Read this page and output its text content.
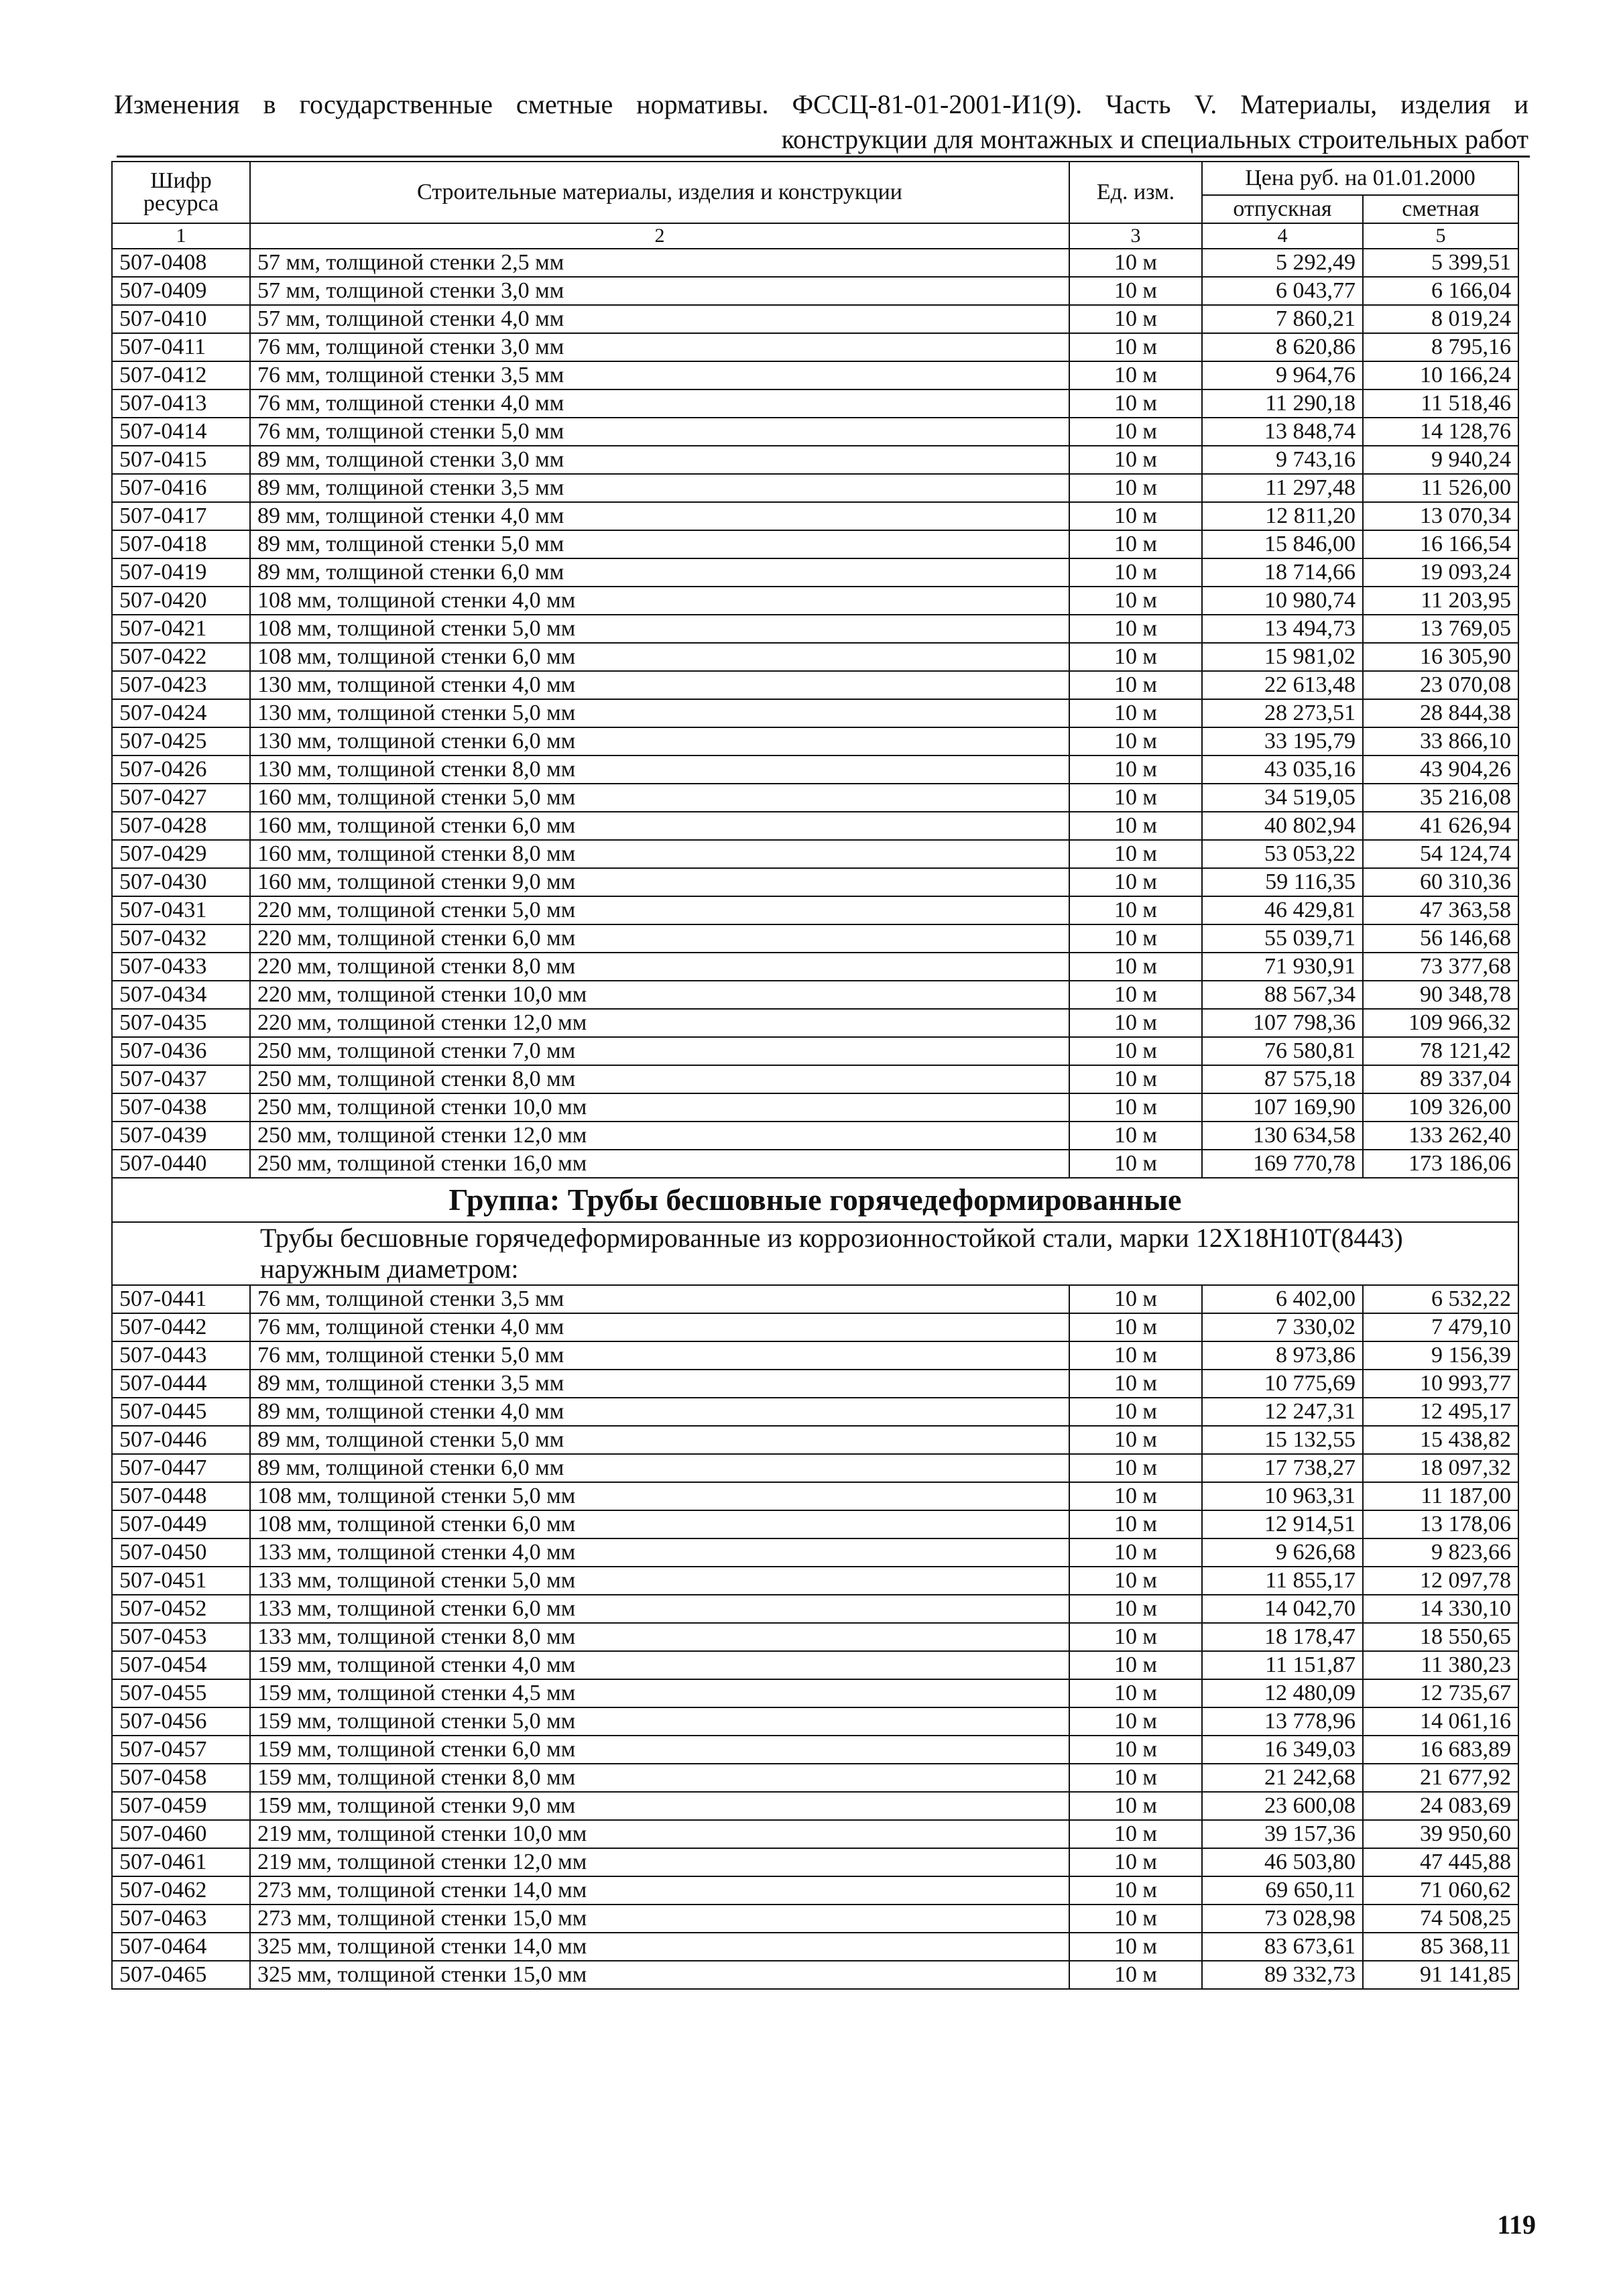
Изменения в государственные сметные нормативы. ФССЦ-81-01-2001-И1(9). Часть V. Материалы, изделия и
конструкции для монтажных и специальных строительных работ
Шифр ресурса	Строительные материалы, изделия и конструкции	Ед. изм.	Цена руб. на 01.01.2000	
			отпускная	сметная
1	2	3	4	5
507-0408	57 мм, толщиной стенки 2,5 мм	10 м	5 292,49	5 399,51
507-0409	57 мм, толщиной стенки 3,0 мм	10 м	6 043,77	6 166,04
507-0410	57 мм, толщиной стенки 4,0 мм	10 м	7 860,21	8 019,24
507-0411	76 мм, толщиной стенки 3,0 мм	10 м	8 620,86	8 795,16
507-0412	76 мм, толщиной стенки 3,5 мм	10 м	9 964,76	10 166,24
507-0413	76 мм, толщиной стенки 4,0 мм	10 м	11 290,18	11 518,46
507-0414	76 мм, толщиной стенки 5,0 мм	10 м	13 848,74	14 128,76
507-0415	89 мм, толщиной стенки 3,0 мм	10 м	9 743,16	9 940,24
507-0416	89 мм, толщиной стенки 3,5 мм	10 м	11 297,48	11 526,00
507-0417	89 мм, толщиной стенки 4,0 мм	10 м	12 811,20	13 070,34
507-0418	89 мм, толщиной стенки 5,0 мм	10 м	15 846,00	16 166,54
507-0419	89 мм, толщиной стенки 6,0 мм	10 м	18 714,66	19 093,24
507-0420	108 мм, толщиной стенки 4,0 мм	10 м	10 980,74	11 203,95
507-0421	108 мм, толщиной стенки 5,0 мм	10 м	13 494,73	13 769,05
507-0422	108 мм, толщиной стенки 6,0 мм	10 м	15 981,02	16 305,90
507-0423	130 мм, толщиной стенки 4,0 мм	10 м	22 613,48	23 070,08
507-0424	130 мм, толщиной стенки 5,0 мм	10 м	28 273,51	28 844,38
507-0425	130 мм, толщиной стенки 6,0 мм	10 м	33 195,79	33 866,10
507-0426	130 мм, толщиной стенки 8,0 мм	10 м	43 035,16	43 904,26
507-0427	160 мм, толщиной стенки 5,0 мм	10 м	34 519,05	35 216,08
507-0428	160 мм, толщиной стенки 6,0 мм	10 м	40 802,94	41 626,94
507-0429	160 мм, толщиной стенки 8,0 мм	10 м	53 053,22	54 124,74
507-0430	160 мм, толщиной стенки 9,0 мм	10 м	59 116,35	60 310,36
507-0431	220 мм, толщиной стенки 5,0 мм	10 м	46 429,81	47 363,58
507-0432	220 мм, толщиной стенки 6,0 мм	10 м	55 039,71	56 146,68
507-0433	220 мм, толщиной стенки 8,0 мм	10 м	71 930,91	73 377,68
507-0434	220 мм, толщиной стенки 10,0 мм	10 м	88 567,34	90 348,78
507-0435	220 мм, толщиной стенки 12,0 мм	10 м	107 798,36	109 966,32
507-0436	250 мм, толщиной стенки 7,0 мм	10 м	76 580,81	78 121,42
507-0437	250 мм, толщиной стенки 8,0 мм	10 м	87 575,18	89 337,04
507-0438	250 мм, толщиной стенки 10,0 мм	10 м	107 169,90	109 326,00
507-0439	250 мм, толщиной стенки 12,0 мм	10 м	130 634,58	133 262,40
507-0440	250 мм, толщиной стенки 16,0 мм	10 м	169 770,78	173 186,06
Группа: Трубы бесшовные горячедеформированные				
Трубы бесшовные горячедеформированные из коррозионностойкой стали, марки 12Х18Н10Т(8443) наружным диаметром:				
507-0441	76 мм, толщиной стенки 3,5 мм	10 м	6 402,00	6 532,22
507-0442	76 мм, толщиной стенки 4,0 мм	10 м	7 330,02	7 479,10
507-0443	76 мм, толщиной стенки 5,0 мм	10 м	8 973,86	9 156,39
507-0444	89 мм, толщиной стенки 3,5 мм	10 м	10 775,69	10 993,77
507-0445	89 мм, толщиной стенки 4,0 мм	10 м	12 247,31	12 495,17
507-0446	89 мм, толщиной стенки 5,0 мм	10 м	15 132,55	15 438,82
507-0447	89 мм, толщиной стенки 6,0 мм	10 м	17 738,27	18 097,32
507-0448	108 мм, толщиной стенки 5,0 мм	10 м	10 963,31	11 187,00
507-0449	108 мм, толщиной стенки 6,0 мм	10 м	12 914,51	13 178,06
507-0450	133 мм, толщиной стенки 4,0 мм	10 м	9 626,68	9 823,66
507-0451	133 мм, толщиной стенки 5,0 мм	10 м	11 855,17	12 097,78
507-0452	133 мм, толщиной стенки 6,0 мм	10 м	14 042,70	14 330,10
507-0453	133 мм, толщиной стенки 8,0 мм	10 м	18 178,47	18 550,65
507-0454	159 мм, толщиной стенки 4,0 мм	10 м	11 151,87	11 380,23
507-0455	159 мм, толщиной стенки 4,5 мм	10 м	12 480,09	12 735,67
507-0456	159 мм, толщиной стенки 5,0 мм	10 м	13 778,96	14 061,16
507-0457	159 мм, толщиной стенки 6,0 мм	10 м	16 349,03	16 683,89
507-0458	159 мм, толщиной стенки 8,0 мм	10 м	21 242,68	21 677,92
507-0459	159 мм, толщиной стенки 9,0 мм	10 м	23 600,08	24 083,69
507-0460	219 мм, толщиной стенки 10,0 мм	10 м	39 157,36	39 950,60
507-0461	219 мм, толщиной стенки 12,0 мм	10 м	46 503,80	47 445,88
507-0462	273 мм, толщиной стенки 14,0 мм	10 м	69 650,11	71 060,62
507-0463	273 мм, толщиной стенки 15,0 мм	10 м	73 028,98	74 508,25
507-0464	325 мм, толщиной стенки 14,0 мм	10 м	83 673,61	85 368,11
507-0465	325 мм, толщиной стенки 15,0 мм	10 м	89 332,73	91 141,85
119
